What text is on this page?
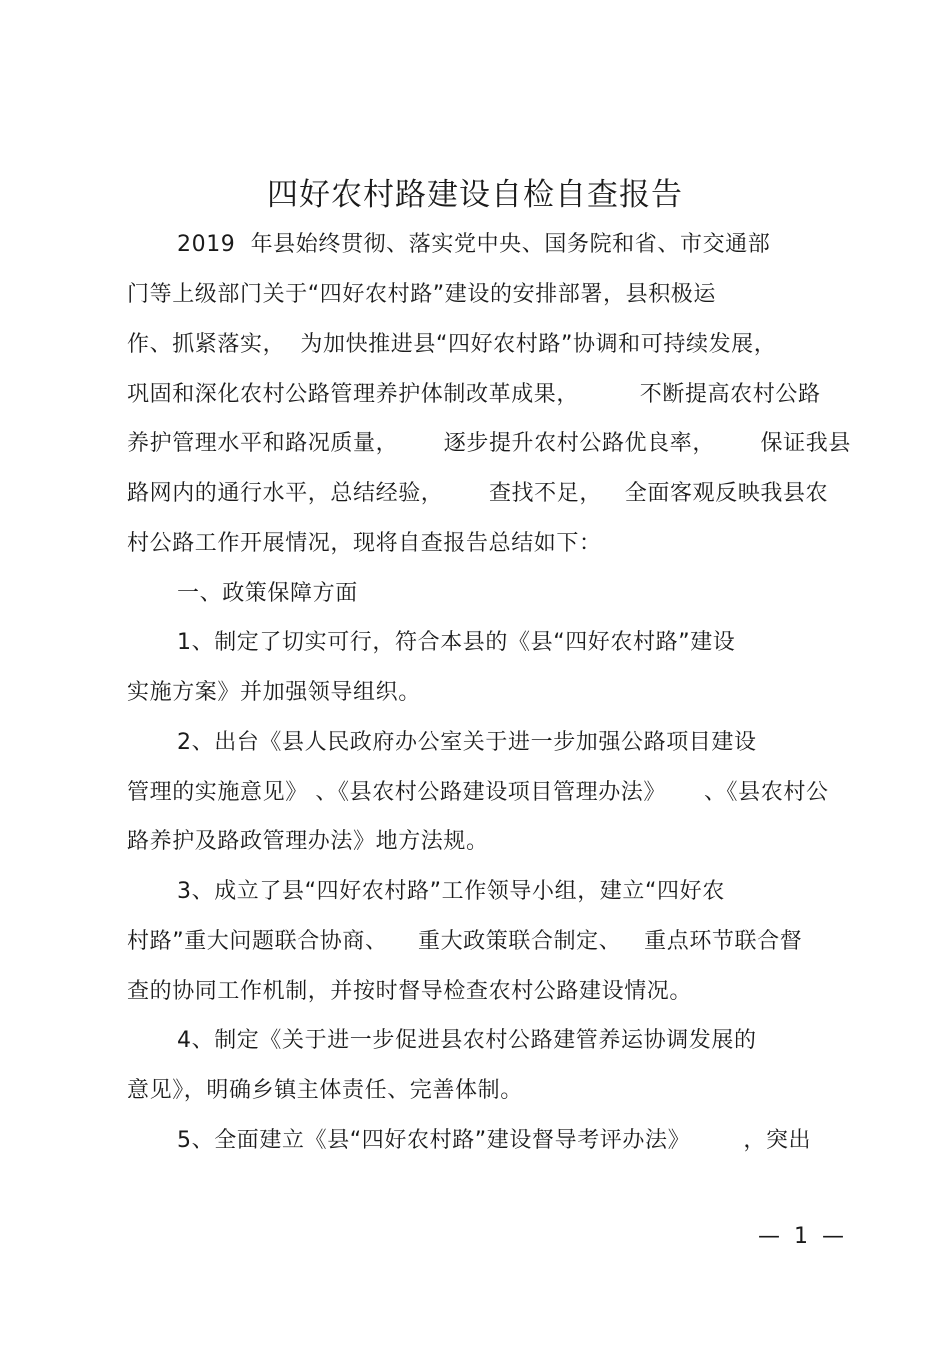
四好农村路建设自检自查报告
2019  年县始终贯彻、落实党中央、国务院和省、市交通部
门等上级部门关于“四好农村路”建设的安排部署，县积极运
作、抓紧落实，  为加快推进县“四好农村路”协调和可持续发展，
巩固和深化农村公路管理养护体制改革成果，        不断提高农村公路
养护管理水平和路况质量，      逐步提升农村公路优良率，      保证我县
路网内的通行水平，总结经验，      查找不足，   全面客观反映我县农
村公路工作开展情况，现将自查报告总结如下：
一、政策保障方面
1、制定了切实可行，符合本县的《县“四好农村路”建设
实施方案》并加强领导组织。
2、出台《县人民政府办公室关于进一步加强公路项目建设
管理的实施意见》 、《县农村公路建设项目管理办法》     、《县农村公
路养护及路政管理办法》地方法规。
3、成立了县“四好农村路”工作领导小组，建立“四好农
村路”重大问题联合协商、    重大政策联合制定、   重点环节联合督
查的协同工作机制，并按时督导检查农村公路建设情况。
4、制定《关于进一步促进县农村公路建管养运协调发展的
意见》，明确乡镇主体责任、完善体制。
5、全面建立《县“四好农村路”建设督导考评办法》       ，突出
—  1  —
